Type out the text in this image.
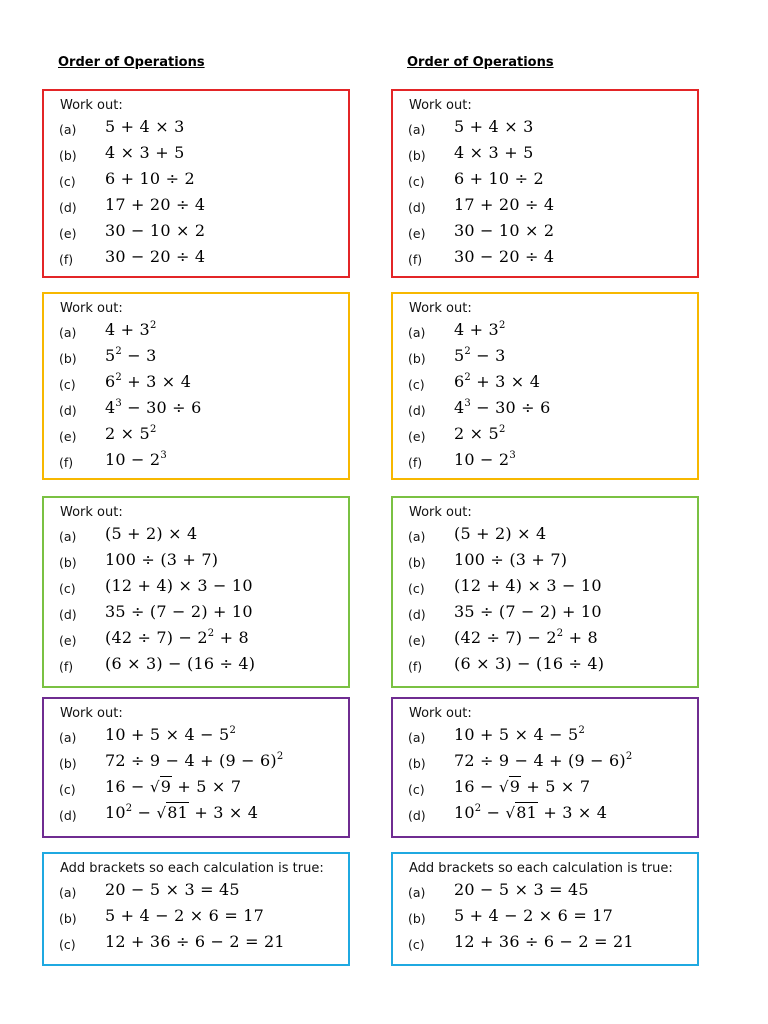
Order of Operations
Work out:
(a) 5 + 4 × 3
(b) 4 × 3 + 5
(c) 6 + 10 ÷ 2
(d) 17 + 20 ÷ 4
(e) 30 − 10 × 2
(f) 30 − 20 ÷ 4
Work out:
(a) $4 + 3^2$
(b) $5^2 - 3$
(c) $6^2 + 3 \times 4$
(d) $4^3 - 30 \div 6$
(e) $2 \times 5^2$
(f) $10 - 2^3$
Work out:
(a) (5 + 2) × 4
(b) 100 ÷ (3 + 7)
(c) (12 + 4) × 3 − 10
(d) 35 ÷ (7 − 2) + 10
(e) $(42 \div 7) - 2^2 + 8$
(f) (6 × 3) − (16 ÷ 4)
Work out:
(a) $10 + 5 \times 4 - 5^2$
(b) $72 \div 9 - 4 + (9 - 6)^2$
(c) 16 − √9 + 5 × 7
(d) $10^2 - √81 + 3 \times 4$
Add brackets so each calculation is true:
(a) 20 − 5 × 3 = 45
(b) 5 + 4 − 2 × 6 = 17
(c) 12 + 36 ÷ 6 − 2 = 21
Order of Operations
Work out:
(a) 5 + 4 × 3
(b) 4 × 3 + 5
(c) 6 + 10 ÷ 2
(d) 17 + 20 ÷ 4
(e) 30 − 10 × 2
(f) 30 − 20 ÷ 4
Work out:
(a) $4 + 3^2$
(b) $5^2 - 3$
(c) $6^2 + 3 \times 4$
(d) $4^3 - 30 \div 6$
(e) $2 \times 5^2$
(f) $10 - 2^3$
Work out:
(a) (5 + 2) × 4
(b) 100 ÷ (3 + 7)
(c) (12 + 4) × 3 − 10
(d) 35 ÷ (7 − 2) + 10
(e) $(42 \div 7) - 2^2 + 8$
(f) (6 × 3) − (16 ÷ 4)
Work out:
(a) $10 + 5 \times 4 - 5^2$
(b) $72 \div 9 - 4 + (9 - 6)^2$
(c) 16 − √9 + 5 × 7
(d) $10^2 - √81 + 3 \times 4$
Add brackets so each calculation is true:
(a) 20 − 5 × 3 = 45
(b) 5 + 4 − 2 × 6 = 17
(c) 12 + 36 ÷ 6 − 2 = 21
